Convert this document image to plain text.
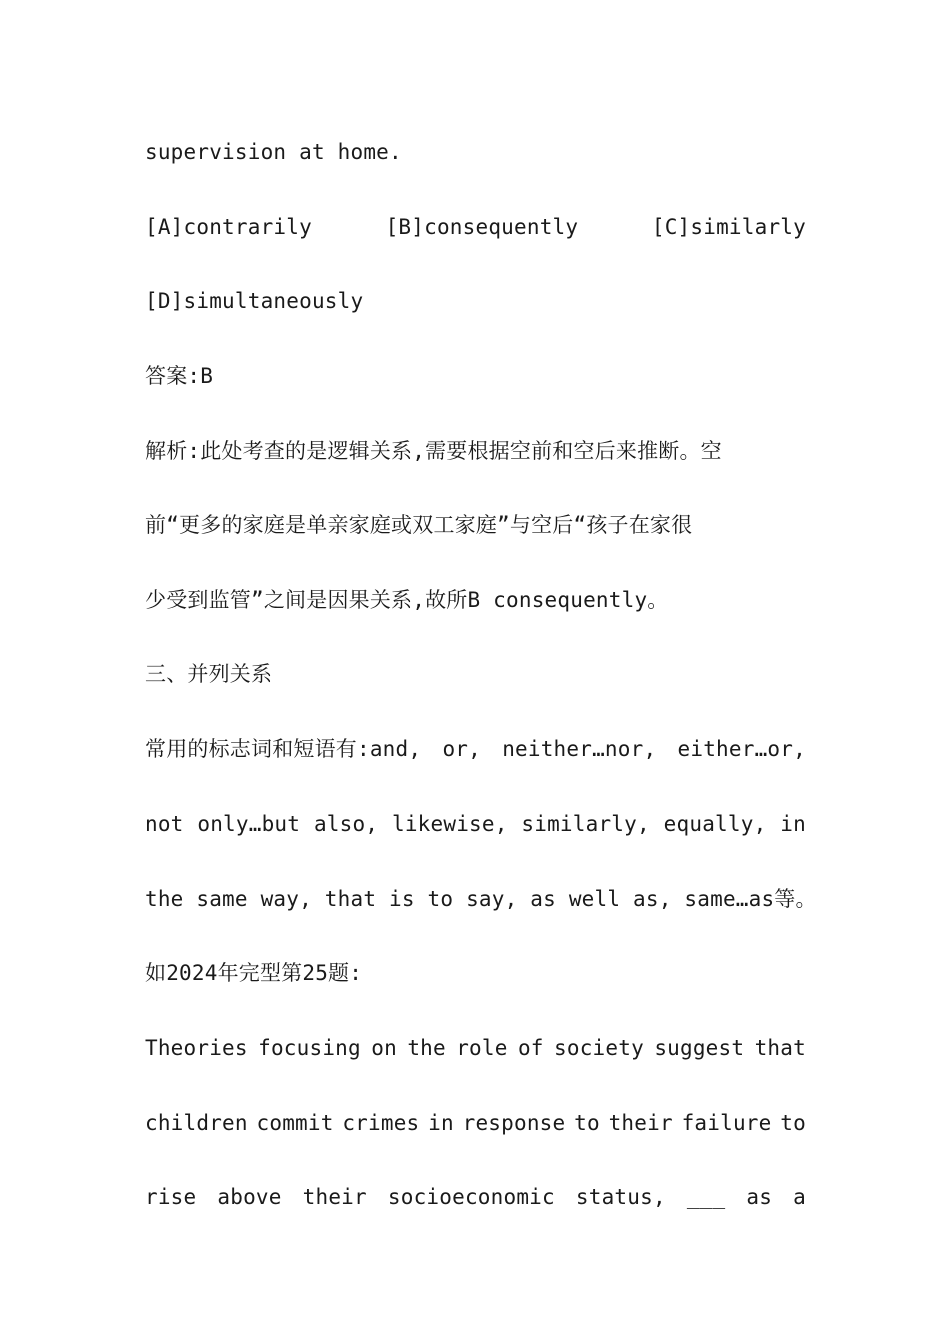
supervision at home.
[A]contrarily	[B]consequently	[C]similarly
[D]simultaneously
答案:B
解析:此处考查的是逻辑关系,需要根据空前和空后来推断。空
前“更多的家庭是单亲家庭或双工家庭”与空后“孩子在家很
少受到监管”之间是因果关系,故所B consequently。
三、并列关系
常用的标志词和短语有:and, or, neither…nor, either…or,
not only…but also, likewise, similarly, equally, in
the same way, that is to say, as well as, same…as等。
如2024年完型第25题:
Theories focusing on the role of society suggest that
children commit crimes in response to their failure to
rise above their socioeconomic status, ___ as a
